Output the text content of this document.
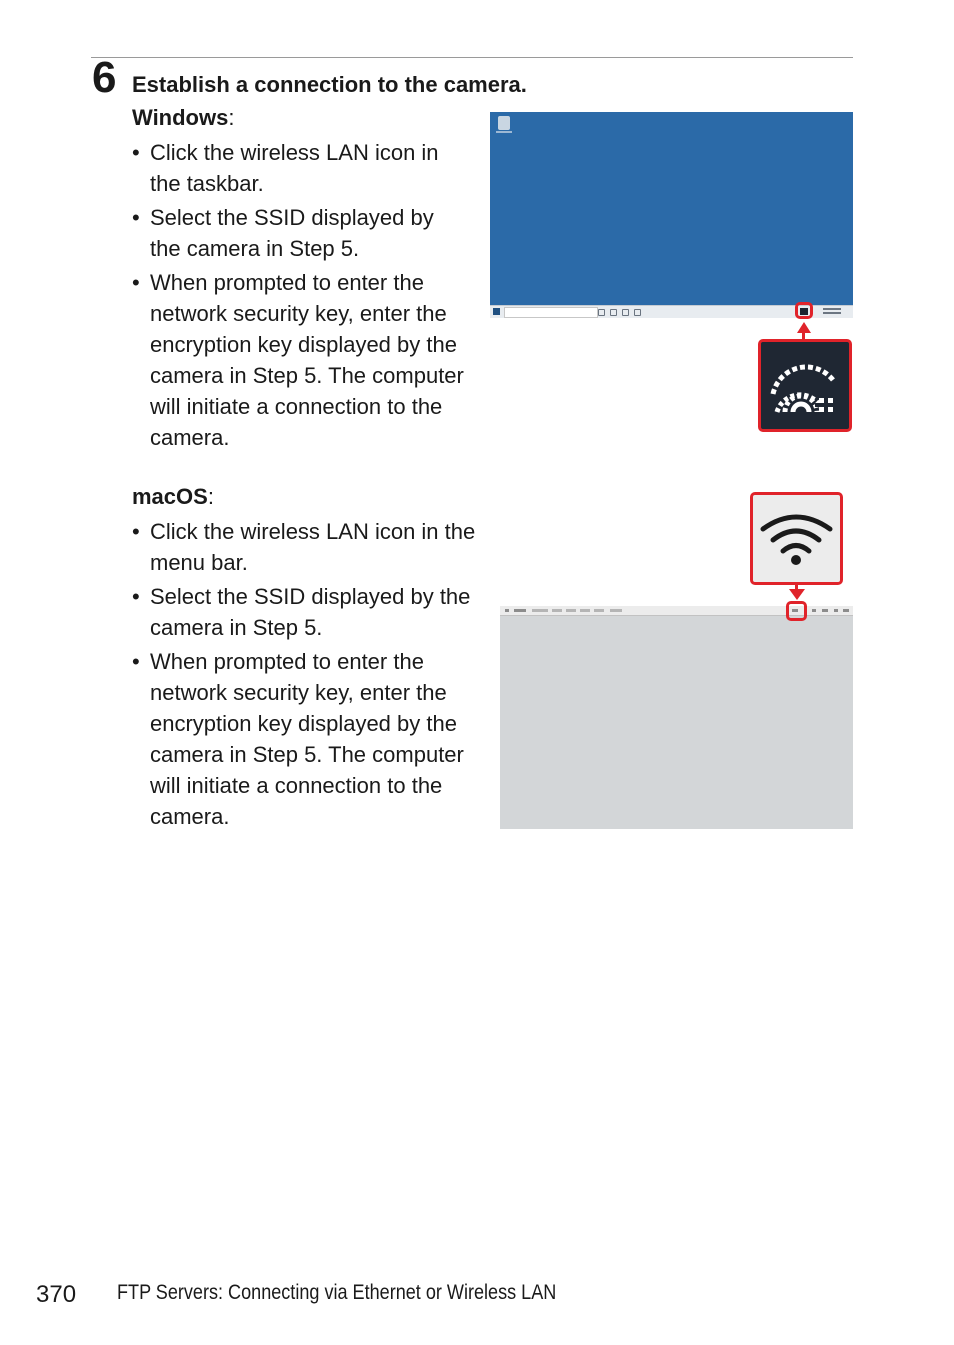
6 Establish a connection to the camera.
Windows:
• Click the wireless LAN icon in the taskbar.
• Select the SSID displayed by the camera in Step 5.
• When prompted to enter the network security key, enter the encryption key displayed by the camera in Step 5. The computer will initiate a connection to the camera.
macOS:
• Click the wireless LAN icon in the menu bar.
• Select the SSID displayed by the camera in Step 5.
• When prompted to enter the network security key, enter the encryption key displayed by the camera in Step 5. The computer will initiate a connection to the camera.
370 FTP Servers: Connecting via Ethernet or Wireless LAN
